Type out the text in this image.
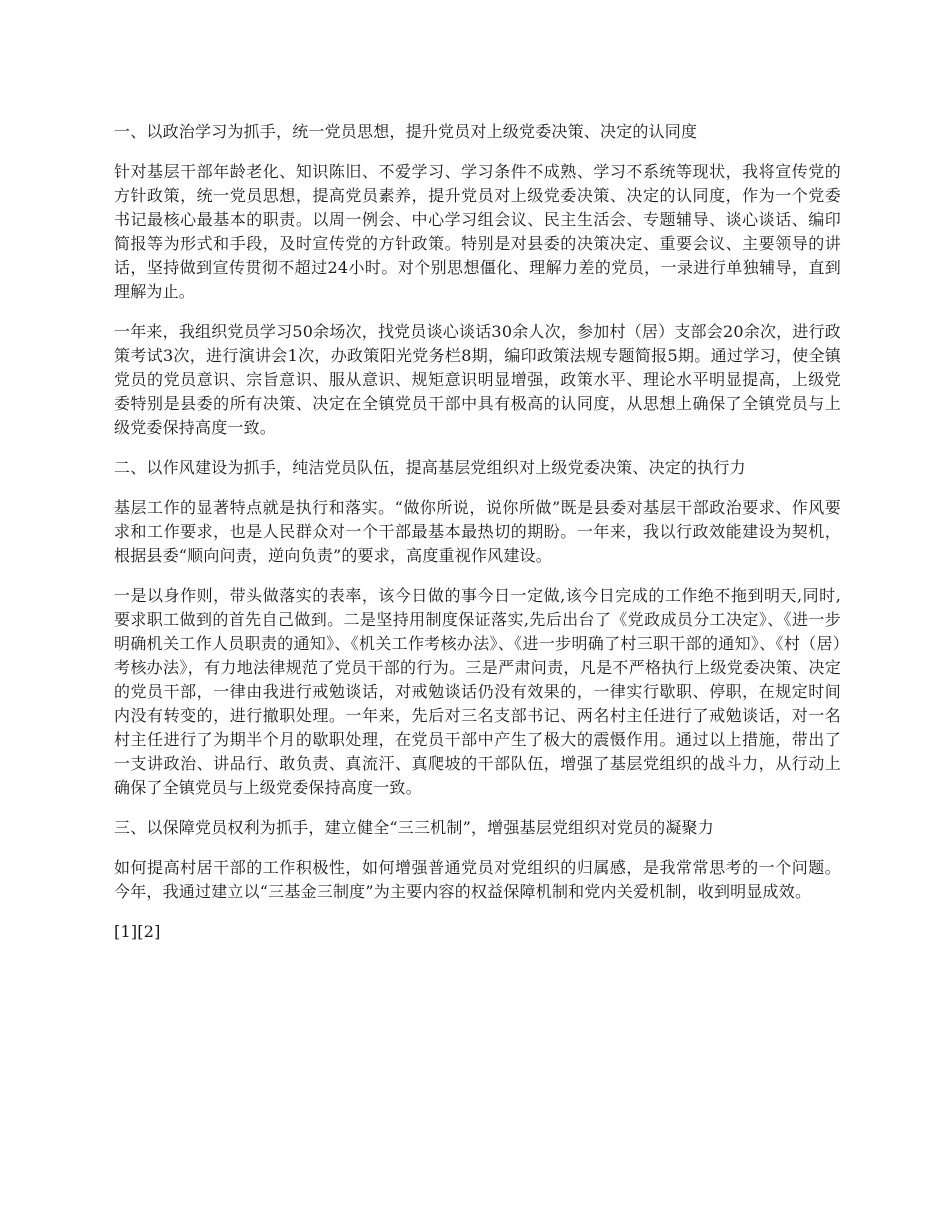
一、以政治学习为抓手，统一党员思想，提升党员对上级党委决策、决定的认同度

针对基层干部年龄老化、知识陈旧、不爱学习、学习条件不成熟、学习不系统等现状，我将宣传党的方针政策，统一党员思想，提高党员素养，提升党员对上级党委决策、决定的认同度，作为一个党委书记最核心最基本的职责。以周一例会、中心学习组会议、民主生活会、专题辅导、谈心谈话、编印简报等为形式和手段，及时宣传党的方针政策。特别是对县委的决策决定、重要会议、主要领导的讲话，坚持做到宣传贯彻不超过24小时。对个别思想僵化、理解力差的党员，一录进行单独辅导，直到理解为止。

一年来，我组织党员学习50余场次，找党员谈心谈话30余人次，参加村（居）支部会20余次，进行政策考试3次，进行演讲会1次，办政策阳光党务栏8期，编印政策法规专题简报5期。通过学习，使全镇党员的党员意识、宗旨意识、服从意识、规矩意识明显增强，政策水平、理论水平明显提高，上级党委特别是县委的所有决策、决定在全镇党员干部中具有极高的认同度，从思想上确保了全镇党员与上级党委保持高度一致。

二、以作风建设为抓手，纯洁党员队伍，提高基层党组织对上级党委决策、决定的执行力

基层工作的显著特点就是执行和落实。“做你所说，说你所做”既是县委对基层干部政治要求、作风要求和工作要求，也是人民群众对一个干部最基本最热切的期盼。一年来，我以行政效能建设为契机，根据县委“顺向问责，逆向负责”的要求，高度重视作风建设。

一是以身作则，带头做落实的表率，该今日做的事今日一定做,该今日完成的工作绝不拖到明天,同时,要求职工做到的首先自己做到。二是坚持用制度保证落实,先后出台了《党政成员分工决定》、《进一步明确机关工作人员职责的通知》、《机关工作考核办法》、《进一步明确了村三职干部的通知》、《村（居）考核办法》，有力地法律规范了党员干部的行为。三是严肃问责，凡是不严格执行上级党委决策、决定的党员干部，一律由我进行戒勉谈话，对戒勉谈话仍没有效果的，一律实行歇职、停职，在规定时间内没有转变的，进行撤职处理。一年来，先后对三名支部书记、两名村主任进行了戒勉谈话，对一名村主任进行了为期半个月的歇职处理，在党员干部中产生了极大的震慑作用。通过以上措施，带出了一支讲政治、讲品行、敢负责、真流汗、真爬坡的干部队伍，增强了基层党组织的战斗力，从行动上确保了全镇党员与上级党委保持高度一致。

三、以保障党员权利为抓手，建立健全“三三机制”，增强基层党组织对党员的凝聚力

如何提高村居干部的工作积极性，如何增强普通党员对党组织的归属感，是我常常思考的一个问题。今年，我通过建立以“三基金三制度”为主要内容的权益保障机制和党内关爱机制，收到明显成效。

[1][2]
